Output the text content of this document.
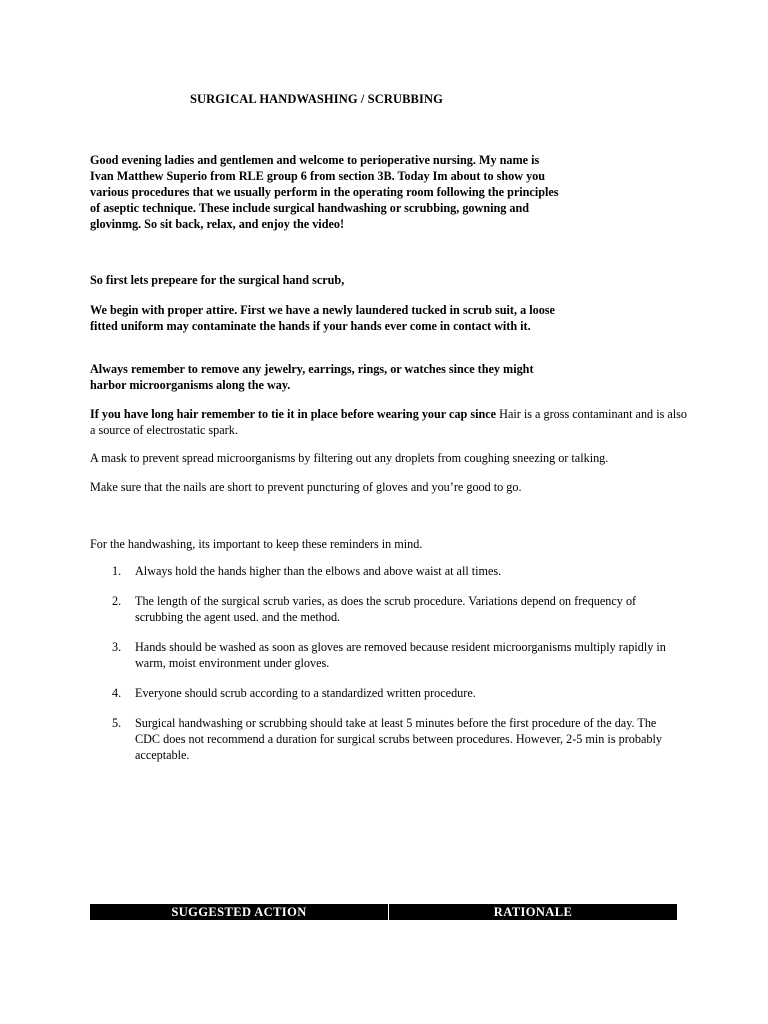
SURGICAL HANDWASHING / SCRUBBING

Good evening ladies and gentlemen and welcome to perioperative nursing. My name is Ivan Matthew Superio from RLE group 6 from section 3B. Today Im about to show you various procedures that we usually perform in the operating room following the principles of aseptic technique. These include surgical handwashing or scrubbing, gowning and glovinmg. So sit back, relax, and enjoy the video!

So first lets prepeare for the surgical hand scrub,

We begin with proper attire. First we have a newly laundered tucked in scrub suit, a loose fitted uniform may contaminate the hands if your hands ever come in contact with it.

Always remember to remove any jewelry, earrings, rings, or watches since they might harbor microorganisms along the way.

If you have long hair remember to tie it in place before wearing your cap since Hair is a gross contaminant and is also a source of electrostatic spark.

A mask to prevent spread microorganisms by filtering out any droplets from coughing sneezing or talking.

Make sure that the nails are short to prevent puncturing of gloves and you’re good to go.

For the handwashing, its important to keep these reminders in mind.

1. Always hold the hands higher than the elbows and above waist at all times.
2. The length of the surgical scrub varies, as does the scrub procedure. Variations depend on frequency of scrubbing the agent used. and the method.
3. Hands should be washed as soon as gloves are removed because resident microorganisms multiply rapidly in warm, moist environment under gloves.
4. Everyone should scrub according to a standardized written procedure.
5. Surgical handwashing or scrubbing should take at least 5 minutes before the first procedure of the day. The CDC does not recommend a duration for surgical scrubs between procedures. However, 2-5 min is probably acceptable.
SUGGESTED ACTION	RATIONALE
